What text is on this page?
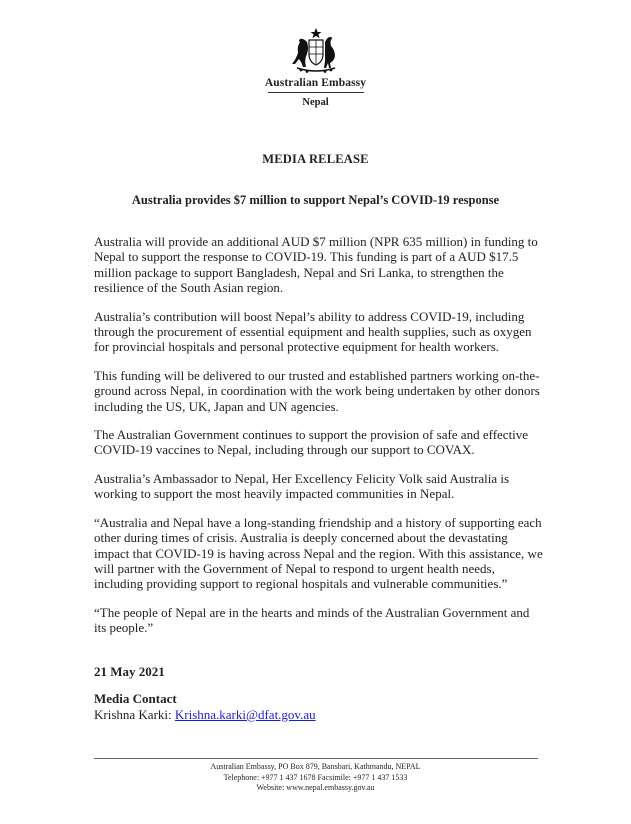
Australian Embassy
Nepal
MEDIA RELEASE
Australia provides $7 million to support Nepal’s COVID-19 response

Australia will provide an additional AUD $7 million (NPR 635 million) in funding to Nepal to support the response to COVID-19. This funding is part of a AUD $17.5 million package to support Bangladesh, Nepal and Sri Lanka, to strengthen the resilience of the South Asian region.

Australia’s contribution will boost Nepal’s ability to address COVID-19, including through the procurement of essential equipment and health supplies, such as oxygen for provincial hospitals and personal protective equipment for health workers.

This funding will be delivered to our trusted and established partners working on-the-ground across Nepal, in coordination with the work being undertaken by other donors including the US, UK, Japan and UN agencies.

The Australian Government continues to support the provision of safe and effective COVID-19 vaccines to Nepal, including through our support to COVAX.

Australia’s Ambassador to Nepal, Her Excellency Felicity Volk said Australia is working to support the most heavily impacted communities in Nepal.

“Australia and Nepal have a long-standing friendship and a history of supporting each other during times of crisis. Australia is deeply concerned about the devastating impact that COVID-19 is having across Nepal and the region. With this assistance, we will partner with the Government of Nepal to respond to urgent health needs, including providing support to regional hospitals and vulnerable communities.”

“The people of Nepal are in the hearts and minds of the Australian Government and its people.”

21 May 2021
Media Contact
Krishna Karki: Krishna.karki@dfat.gov.au
Australian Embassy, PO Box 879, Bansbari, Kathmandu, NEPAL
Telephone: +977 1 437 1678 Facsimile: +977 1 437 1533
Website: www.nepal.embassy.gov.au
